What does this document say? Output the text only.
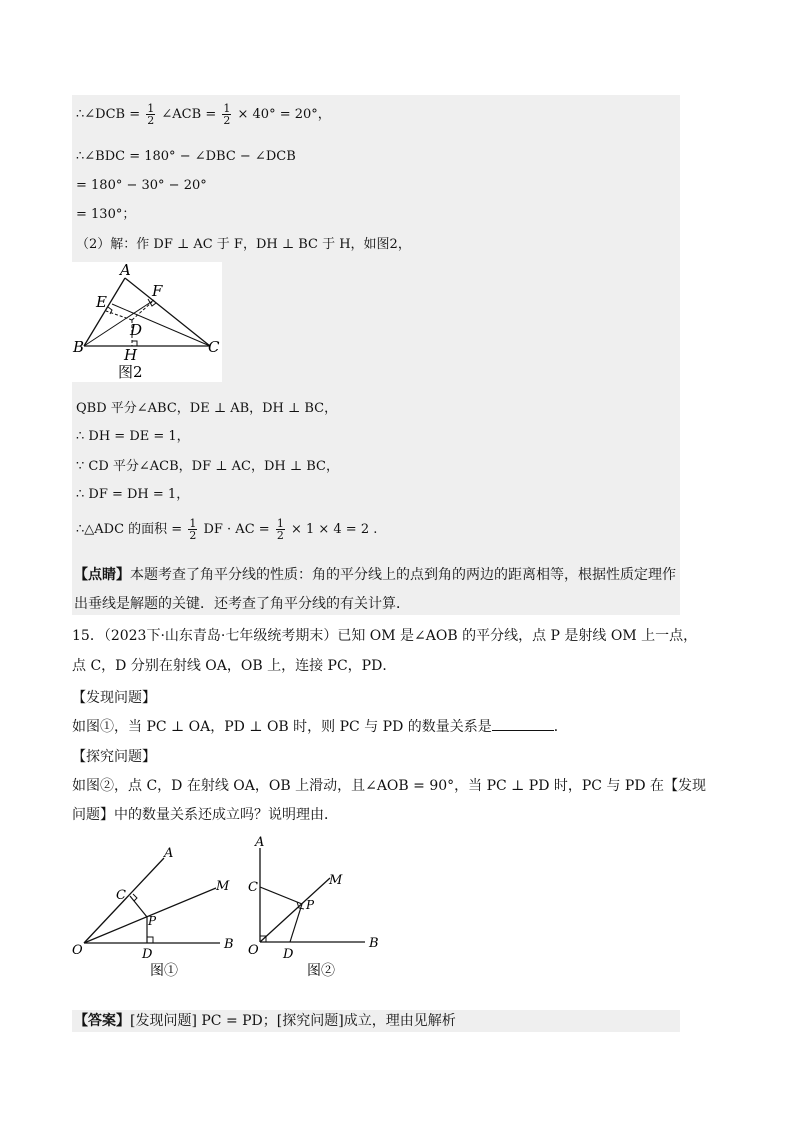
∴∠DCB = $\frac{1}{2}$ ∠ACB = $\frac{1}{2} \times 40^\circ = 20^\circ$，
∴∠BDC = 180° − ∠DBC − ∠DCB
= 180° − 30° − 20°
= 130°；
（2）解：作 DF ⊥ AC 于 F，DH ⊥ BC 于 H，如图2，
A
E
F
D
B	C
H
图2
QBD 平分∠ABC，DE ⊥ AB，DH ⊥ BC，
∴ DH = DE = 1，
∵ CD 平分∠ACB，DF ⊥ AC，DH ⊥ BC，
∴ DF = DH = 1，
∴△ADC 的面积 = $\frac{1}{2}$ DF · AC = $\frac{1}{2} \times 1 \times 4 = 2$ .
【点睛】本题考查了角平分线的性质：角的平分线上的点到角的两边的距离相等，根据性质定理作
出垂线是解题的关键．还考查了角平分线的有关计算．
15．（2023下·山东青岛·七年级统考期末）已知 OM 是∠AOB 的平分线，点 P 是射线 OM 上一点，
点 C，D 分别在射线 OA，OB 上，连接 PC，PD．
【发现问题】
如图①，当 PC ⊥ OA，PD ⊥ OB 时，则 PC 与 PD 的数量关系是	．
【探究问题】
如图②，点 C，D 在射线 OA，OB 上滑动，且∠AOB = 90°，当 PC ⊥ PD 时，PC 与 PD 在【发现
问题】中的数量关系还成立吗？说明理由．
A
C
M
P
O	D
B
图①
A
C	M
P
O D
B
图②
【答案】[发现问题] PC = PD；[探究问题]成立，理由见解析
